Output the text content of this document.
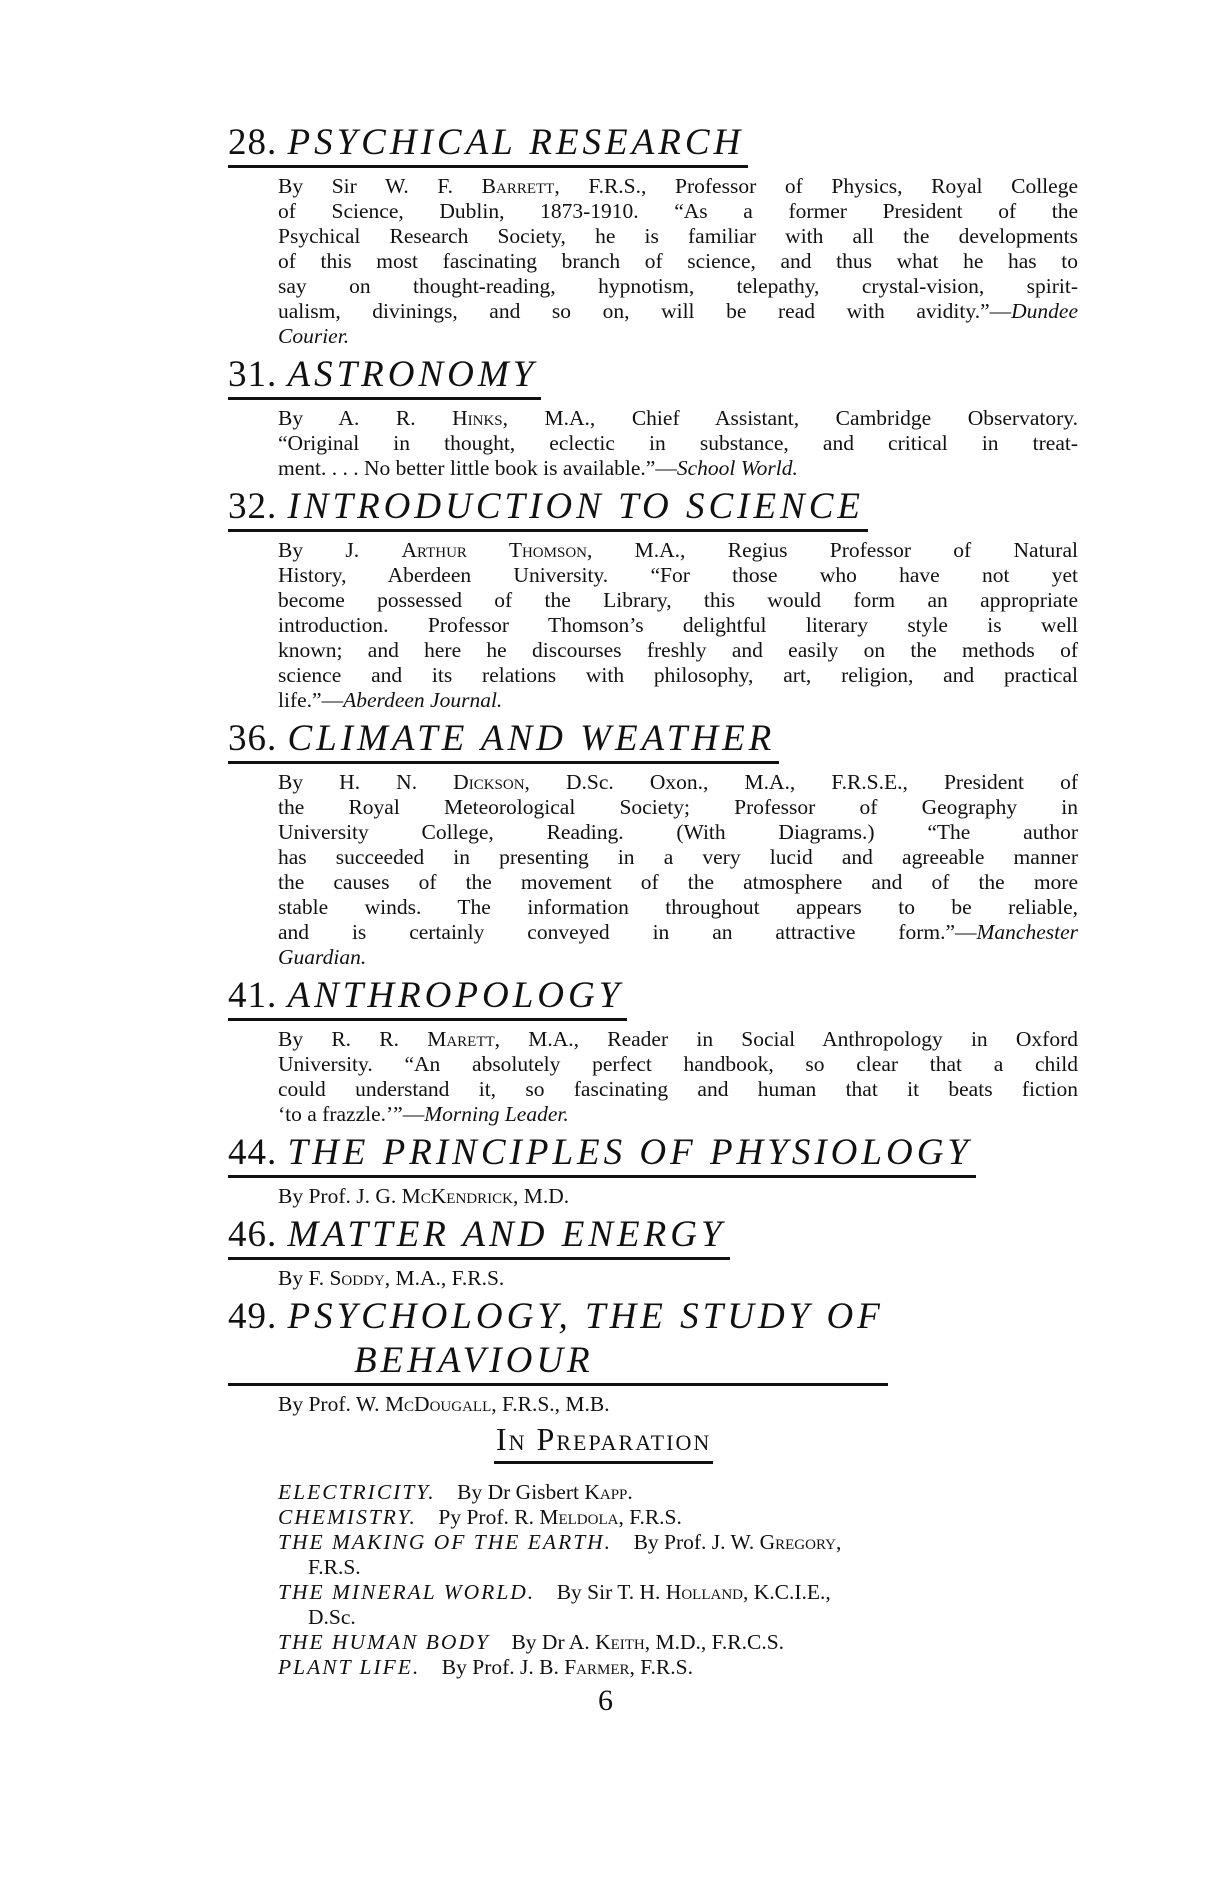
28. PSYCHICAL RESEARCH
By Sir W. F. Barrett, F.R.S., Professor of Physics, Royal College
of Science, Dublin, 1873-1910. “As a former President of the
Psychical Research Society, he is familiar with all the developments
of this most fascinating branch of science, and thus what he has to
say on thought-reading, hypnotism, telepathy, crystal-vision, spirit-
ualism, divinings, and so on, will be read with avidity.”—Dundee
Courier.
31. ASTRONOMY
By A. R. Hinks, M.A., Chief Assistant, Cambridge Observatory.
“Original in thought, eclectic in substance, and critical in treat-
ment. . . . No better little book is available.”—School World.
32. INTRODUCTION TO SCIENCE
By J. Arthur Thomson, M.A., Regius Professor of Natural
History, Aberdeen University. “For those who have not yet
become possessed of the Library, this would form an appropriate
introduction. Professor Thomson’s delightful literary style is well
known; and here he discourses freshly and easily on the methods of
science and its relations with philosophy, art, religion, and practical
life.”—Aberdeen Journal.
36. CLIMATE AND WEATHER
By H. N. Dickson, D.Sc. Oxon., M.A., F.R.S.E., President of
the Royal Meteorological Society; Professor of Geography in
University College, Reading. (With Diagrams.) “The author
has succeeded in presenting in a very lucid and agreeable manner
the causes of the movement of the atmosphere and of the more
stable winds. The information throughout appears to be reliable,
and is certainly conveyed in an attractive form.”—Manchester
Guardian.
41. ANTHROPOLOGY
By R. R. Marett, M.A., Reader in Social Anthropology in Oxford
University. “An absolutely perfect handbook, so clear that a child
could understand it, so fascinating and human that it beats fiction
‘to a frazzle.’”—Morning Leader.
44. THE PRINCIPLES OF PHYSIOLOGY
By Prof. J. G. McKendrick, M.D.
46. MATTER AND ENERGY
By F. Soddy, M.A., F.R.S.
49. PSYCHOLOGY, THE STUDY OF
BEHAVIOUR
By Prof. W. McDougall, F.R.S., M.B.
In Preparation
ELECTRICITY.  By Dr Gisbert Kapp.
CHEMISTRY.  Py Prof. R. Meldola, F.R.S.
THE MAKING OF THE EARTH.  By Prof. J. W. Gregory,
F.R.S.
THE MINERAL WORLD.  By Sir T. H. Holland, K.C.I.E.,
D.Sc.
THE HUMAN BODY  By Dr A. Keith, M.D., F.R.C.S.
PLANT LIFE.  By Prof. J. B. Farmer, F.R.S.
6
